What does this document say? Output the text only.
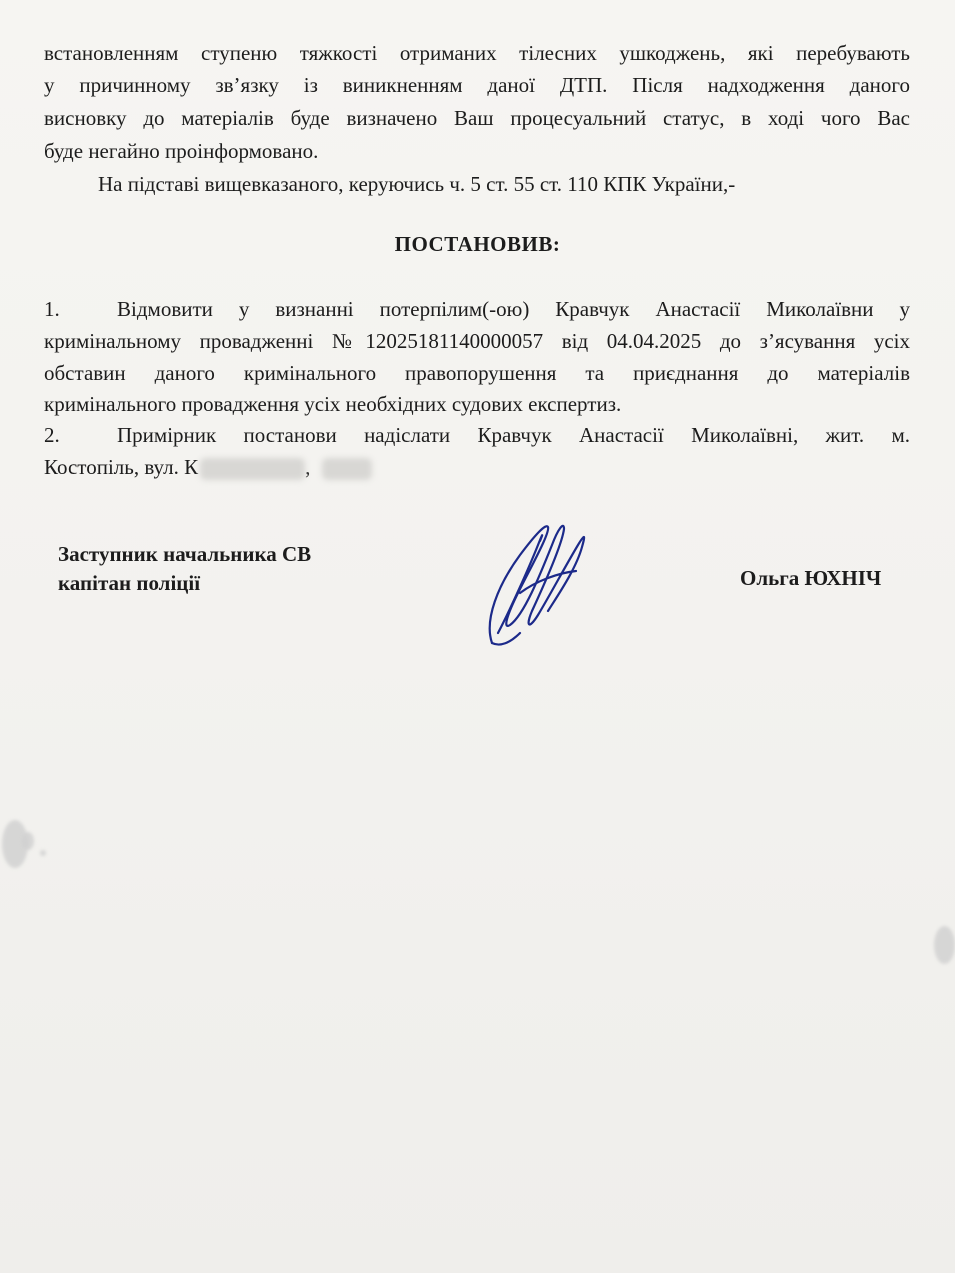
встановленням ступеню тяжкості отриманих тілесних ушкоджень, які перебувають
у причинному зв’язку із виникненням даної ДТП. Після надходження даного
висновку до матеріалів буде визначено Ваш процесуальний статус, в ході чого Вас
буде негайно проінформовано.
На підставі вищевказаного, керуючись ч. 5 ст. 55 ст. 110 КПК України,-
ПОСТАНОВИВ:
1.	Відмовити у визнанні потерпілим(-ою) Кравчук Анастасії Миколаївни у
кримінальному провадженні №12025181140000057 від 04.04.2025 до з’ясування усіх
обставин даного кримінального правопорушення та приєднання до матеріалів
кримінального провадження усіх необхідних судових експертиз.
2.	Примірник постанови надіслати Кравчук Анастасії Миколаївні, жит. м.
Костопіль, вул. К	,
Заступник начальника СВ
капітан поліції	Ольга ЮХНІЧ
